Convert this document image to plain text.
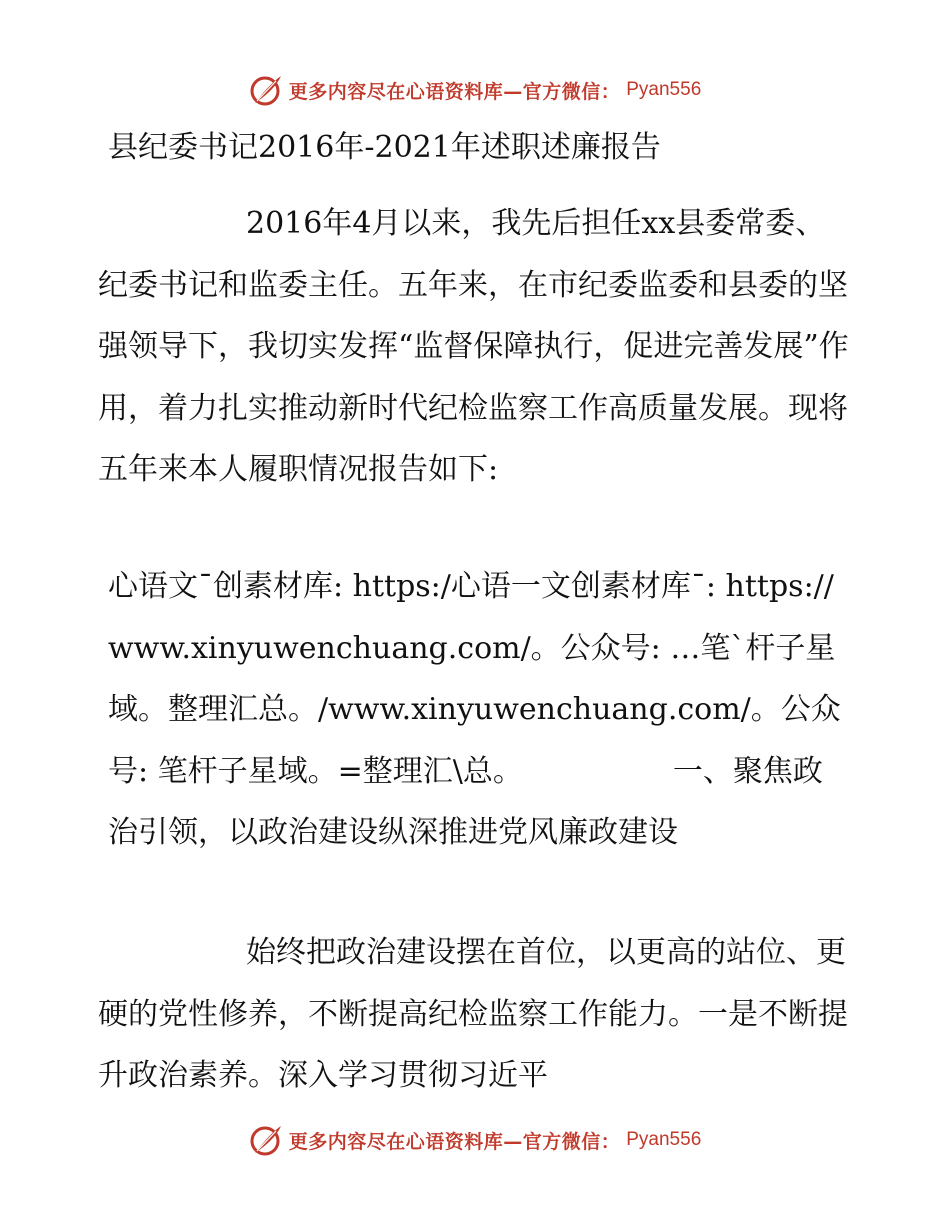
更多内容尽在心语资料库—官方微信： Pyan556
县纪委书记2016年-2021年述职述廉报告

2016年4月以来，我先后担任xx县委常委、纪委书记和监委主任。五年来，在市纪委监委和县委的坚强领导下，我切实发挥“监督保障执行，促进完善发展”作用，着力扎实推动新时代纪检监察工作高质量发展。现将五年来本人履职情况报告如下:

心语文¯创素材库: https:/心语一文创素材库¯: https://www.xinyuwenchuang.com/。公众号: …笔`杆子星域。整理汇总。/www.xinyuwenchuang.com/。公众号: 笔杆子星域。=整理汇\总。	一、聚焦政治引领，以政治建设纵深推进党风廉政建设

始终把政治建设摆在首位，以更高的站位、更硬的党性修养，不断提高纪检监察工作能力。一是不断提升政治素养。深入学习贯彻习近平

更多内容尽在心语资料库—官方微信： Pyan556
